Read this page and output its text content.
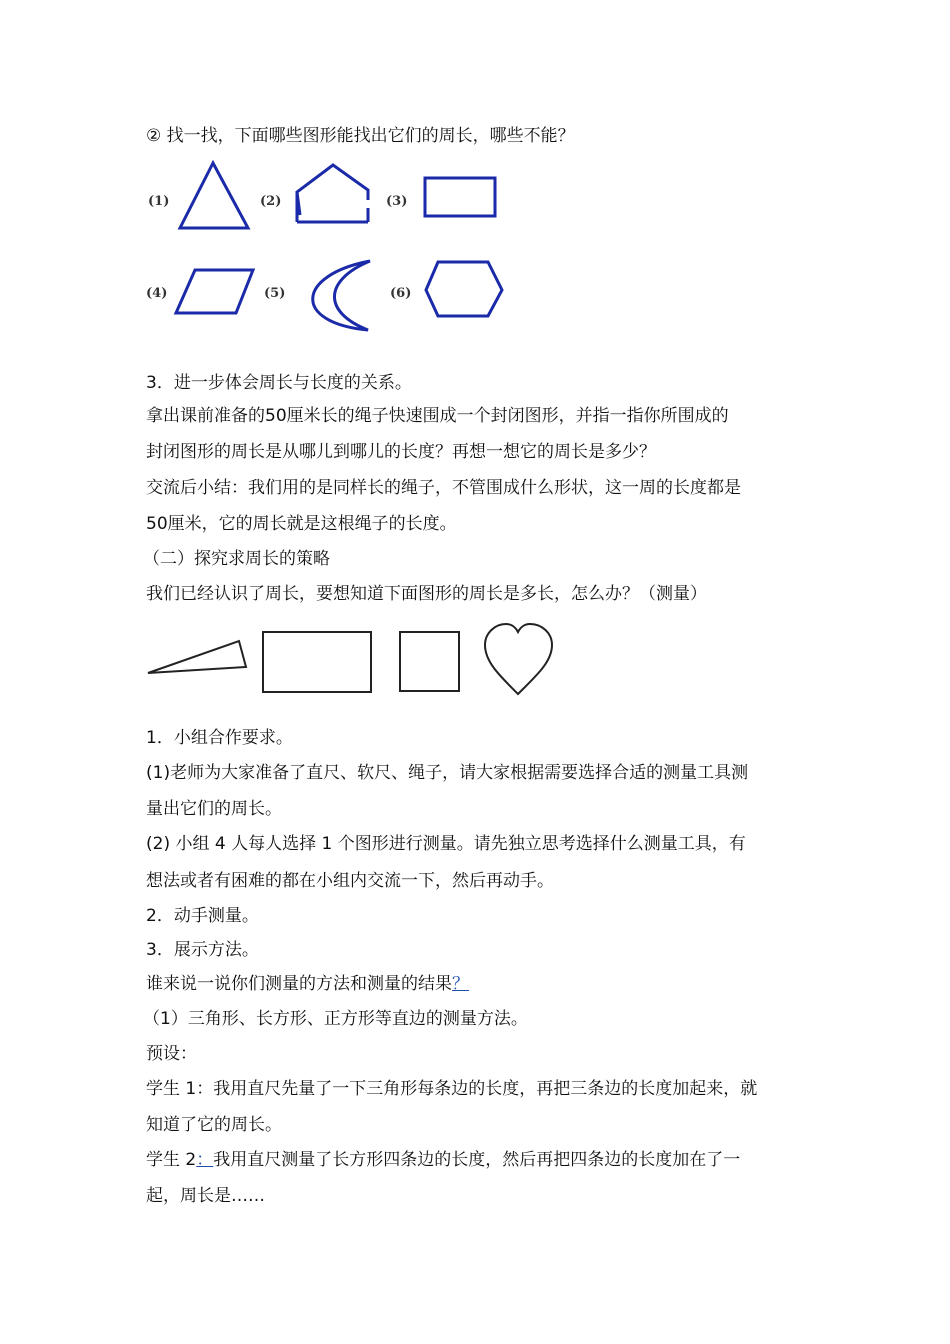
② 找一找，下面哪些图形能找出它们的周长，哪些不能？
(1)	(2)	(3)
(4)	(5)	(6)
3．进一步体会周长与长度的关系。
拿出课前准备的50厘米长的绳子快速围成一个封闭图形，并指一指你所围成的
封闭图形的周长是从哪儿到哪儿的长度？再想一想它的周长是多少？
交流后小结：我们用的是同样长的绳子，不管围成什么形状，这一周的长度都是
50厘米，它的周长就是这根绳子的长度。
（二）探究求周长的策略
我们已经认识了周长，要想知道下面图形的周长是多长，怎么办？（测量）
1．小组合作要求。
(1)老师为大家准备了直尺、软尺、绳子，请大家根据需要选择合适的测量工具测
量出它们的周长。
(2) 小组 4 人每人选择 1 个图形进行测量。请先独立思考选择什么测量工具，有
想法或者有困难的都在小组内交流一下，然后再动手。
2．动手测量。
3．展示方法。
谁来说一说你们测量的方法和测量的结果？
（1）三角形、长方形、正方形等直边的测量方法。
预设：
学生 1：我用直尺先量了一下三角形每条边的长度，再把三条边的长度加起来，就
知道了它的周长。
学生 2：我用直尺测量了长方形四条边的长度，然后再把四条边的长度加在了一
起，周长是……
